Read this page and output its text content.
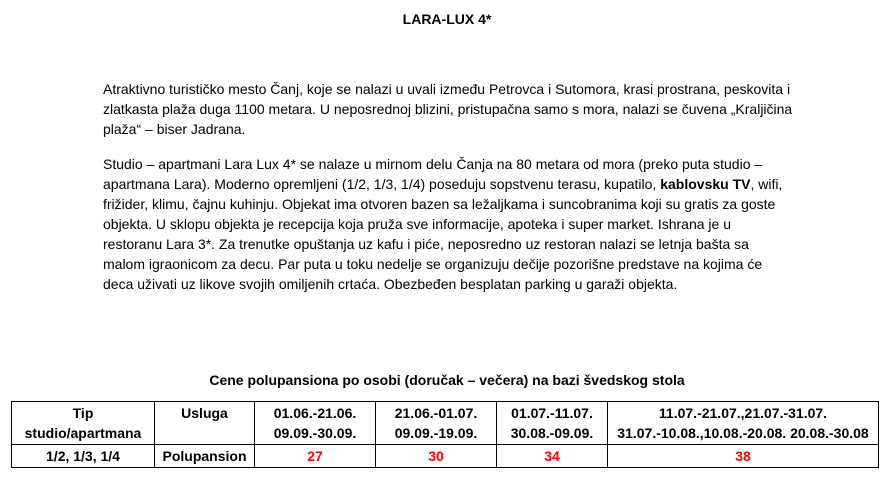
LARA-LUX 4*

Atraktivno turističko mesto Čanj, koje se nalazi u uvali između Petrovca i Sutomora, krasi prostrana, peskovita i zlatkasta plaža duga 1100 metara. U neposrednoj blizini, pristupačna samo s mora, nalazi se čuvena „Kraljičina plaža“ – biser Jadrana.

Studio – apartmani Lara Lux 4* se nalaze u mirnom delu Čanja na 80 metara od mora (preko puta studio – apartmana Lara). Moderno opremljeni (1/2, 1/3, 1/4) poseduju sopstvenu terasu, kupatilo, kablovsku TV, wifi, frižider, klimu, čajnu kuhinju. Objekat ima otvoren bazen sa ležaljkama i suncobranima koji su gratis za goste objekta. U sklopu objekta je recepcija koja pruža sve informacije, apoteka i super market. Ishrana je u restoranu Lara 3*. Za trenutke opuštanja uz kafu i piće, neposredno uz restoran nalazi se letnja bašta sa malom igraonicom za decu. Par puta u toku nedelje se organizuju dečije pozorišne predstave na kojima će deca uživati uz likove svojih omiljenih crtaća. Obezbeđen besplatan parking u garaži objekta.

Cene polupansiona po osobi (doručak – večera) na bazi švedskog stola
Tip studio/apartmana	Usluga	01.06.-21.06. 09.09.-30.09.	21.06.-01.07. 09.09.-19.09.	01.07.-11.07. 30.08.-09.09.	11.07.-21.07.,21.07.-31.07. 31.07.-10.08.,10.08.-20.08. 20.08.-30.08
1/2, 1/3, 1/4	Polupansion	27	30	34	38
